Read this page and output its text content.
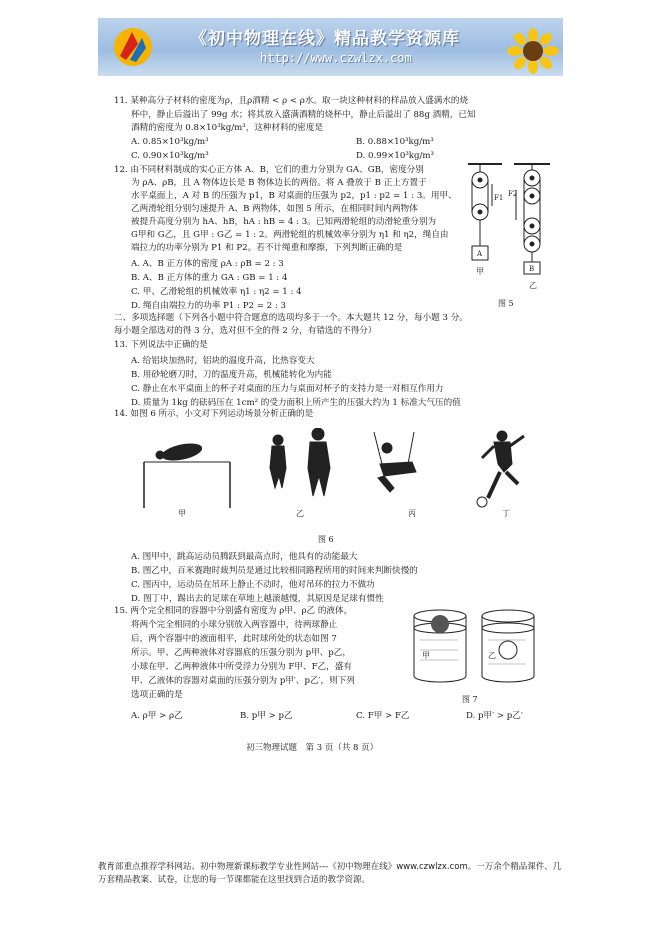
《初中物理在线》精品教学资源库
http://www.czwlzx.com
11. 某种高分子材料的密度为ρ，且ρ酒精 < ρ < ρ水。取一块这种材料的样品放入盛满水的烧
杯中，静止后溢出了 99g 水；将其放入盛满酒精的烧杯中，静止后溢出了 88g 酒精，已知
酒精的密度为 0.8×10³kg/m³，这种材料的密度是
A. 0.85×10³kg/m³	B. 0.88×10³kg/m³
C. 0.90×10³kg/m³	D. 0.99×10³kg/m³
12. 由不同材料制成的实心正方体 A、B，它们的重力分别为 GA、GB，密度分别
为 ρA、ρB，且 A 物体边长是 B 物体边长的两倍。将 A 叠放于 B 正上方置于
水平桌面上，A 对 B 的压强为 p1，B 对桌面的压强为 p2，p1 : p2 = 1 : 3。用甲、
乙两滑轮组分别匀速提升 A、B 两物体，如图 5 所示，在相同时间内两物体
被提升高度分别为 hA、hB，hA : hB = 4 : 3。已知两滑轮组的动滑轮重分别为
G甲和 G乙，且 G甲 : G乙 = 1 : 2。两滑轮组的机械效率分别为 η1 和 η2，绳自由
端拉力的功率分别为 P1 和 P2。若不计绳重和摩擦，下列判断正确的是
A. A、B 正方体的密度 ρA : ρB = 2 : 3
B. A、B 正方体的重力 GA : GB = 1 : 4
C. 甲、乙滑轮组的机械效率 η1 : η2 = 1 : 4
D. 绳自由端拉力的功率 P1 : P2 = 2 : 3
F1 F2
A
B
甲
乙
图 5
二、多项选择题（下列各小题中符合题意的选项均多于一个。本大题共 12 分，每小题 3 分。
每小题全部选对的得 3 分，选对但不全的得 2 分，有错选的不得分）
13. 下列说法中正确的是
A. 给铝块加热时，铝块的温度升高，比热容变大
B. 用砂轮磨刀时，刀的温度升高，机械能转化为内能
C. 静止在水平桌面上的杯子对桌面的压力与桌面对杯子的支持力是一对相互作用力
D. 质量为 1kg 的砝码压在 1cm² 的受力面积上所产生的压强大约为 1 标准大气压的值
14. 如图 6 所示，小文对下列运动场景分析正确的是
甲	乙	丙	丁
图 6
A. 图甲中，跳高运动员腾跃到最高点时，他具有的动能最大
B. 图乙中，百米赛跑时裁判员是通过比较相同路程所用的时间来判断快慢的
C. 图丙中，运动员在吊环上静止不动时，他对吊环的拉力不做功
D. 图丁中，踢出去的足球在草地上越滚越慢，其原因是足球有惯性
15. 两个完全相同的容器中分别盛有密度为 ρ甲、ρ乙 的液体，
将两个完全相同的小球分别放入两容器中，待两球静止
后，两个容器中的液面相平，此时球所处的状态如图 7
所示。甲、乙两种液体对容器底的压强分别为 p甲、p乙，
小球在甲、乙两种液体中所受浮力分别为 F甲、F乙，盛有
甲、乙液体的容器对桌面的压强分别为 p甲′、p乙′，则下列
选项正确的是
甲	乙
图 7
A. ρ甲 > ρ乙	B. p甲 > p乙	C. F甲 > F乙	D. p甲′ > p乙′
初三物理试题　第 3 页（共 8 页）
教育部重点推荐学科网站、初中物理新课标教学专业性网站---《初中物理在线》www.czwlzx.com。一万余个精品课件、几万套精品教案、试卷，让您的每一节课都能在这里找到合适的教学资源。
